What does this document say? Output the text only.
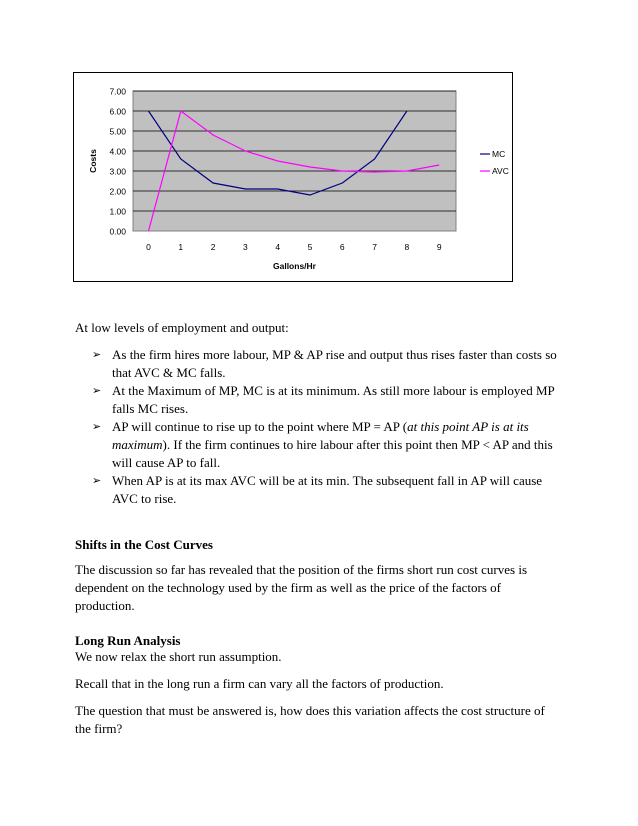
0.00
1.00
2.00
3.00
4.00
5.00
6.00
7.00
0	1	2	3	4	5	6	7	8	9
Gallons/Hr
Costs	MC
AVC

At low levels of employment and output:

➢ As the firm hires more labour, MP & AP rise and output thus rises faster than costs so that AVC & MC falls.
➢ At the Maximum of MP, MC is at its minimum. As still more labour is employed MP falls MC rises.
➢ AP will continue to rise up to the point where MP = AP (at this point AP is at its maximum). If the firm continues to hire labour after this point then MP < AP and this will cause AP to fall.
➢ When AP is at its max AVC will be at its min. The subsequent fall in AP will cause AVC to rise.

Shifts in the Cost Curves

The discussion so far has revealed that the position of the firms short run cost curves is dependent on the technology used by the firm as well as the price of the factors of production.

Long Run Analysis

We now relax the short run assumption.

Recall that in the long run a firm can vary all the factors of production.

The question that must be answered is, how does this variation affects the cost structure of the firm?
